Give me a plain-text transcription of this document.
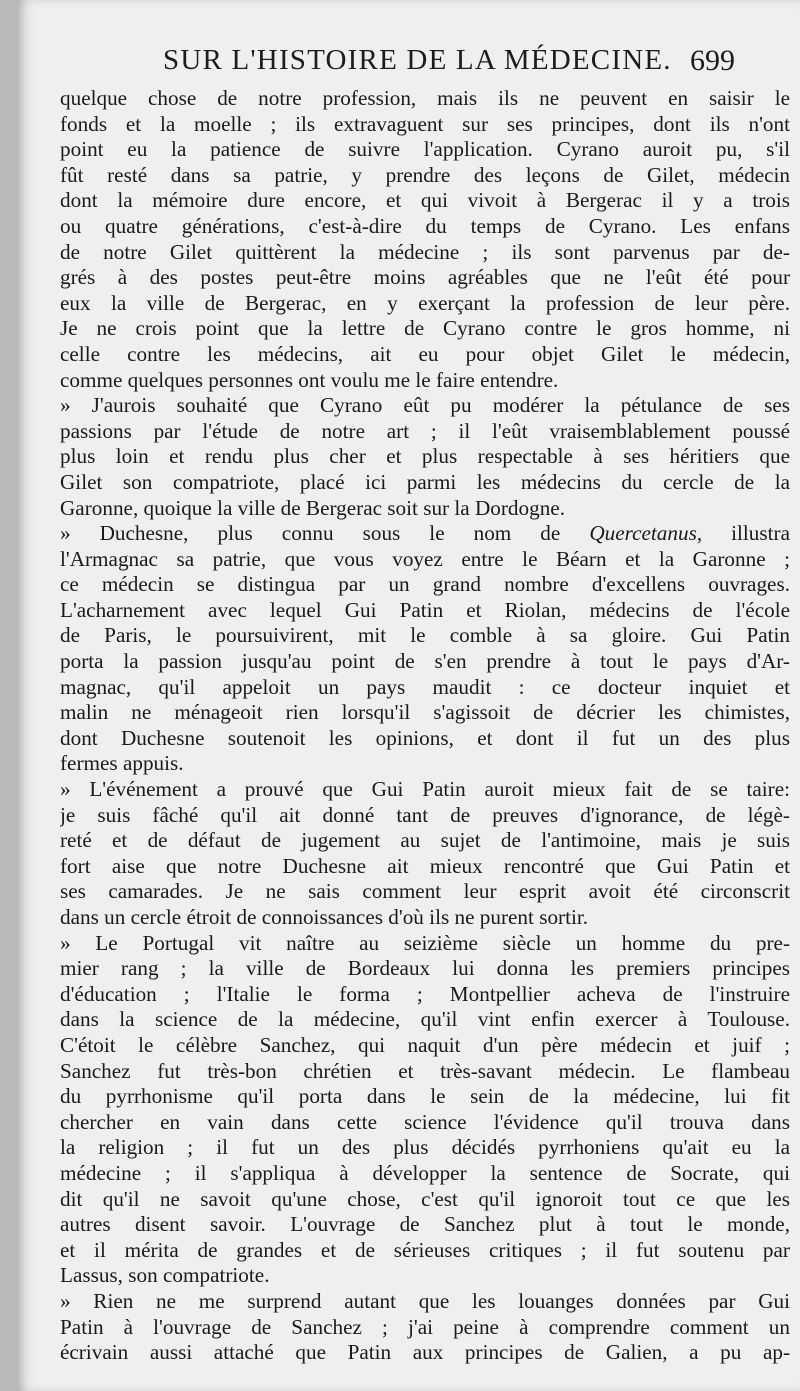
SUR L'HISTOIRE DE LA MÉDECINE. 699
quelque chose de notre profession, mais ils ne peuvent en saisir le
fonds et la moelle ; ils extravaguent sur ses principes, dont ils n'ont
point eu la patience de suivre l'application. Cyrano auroit pu, s'il
fût resté dans sa patrie, y prendre des leçons de Gilet, médecin
dont la mémoire dure encore, et qui vivoit à Bergerac il y a trois
ou quatre générations, c'est-à-dire du temps de Cyrano. Les enfans
de notre Gilet quittèrent la médecine ; ils sont parvenus par de-
grés à des postes peut-être moins agréables que ne l'eût été pour
eux la ville de Bergerac, en y exerçant la profession de leur père.
Je ne crois point que la lettre de Cyrano contre le gros homme, ni
celle contre les médecins, ait eu pour objet Gilet le médecin,
comme quelques personnes ont voulu me le faire entendre.
» J'aurois souhaité que Cyrano eût pu modérer la pétulance de ses
passions par l'étude de notre art ; il l'eût vraisemblablement poussé
plus loin et rendu plus cher et plus respectable à ses héritiers que
Gilet son compatriote, placé ici parmi les médecins du cercle de la
Garonne, quoique la ville de Bergerac soit sur la Dordogne.
» Duchesne, plus connu sous le nom de Quercetanus, illustra
l'Armagnac sa patrie, que vous voyez entre le Béarn et la Garonne ;
ce médecin se distingua par un grand nombre d'excellens ouvrages.
L'acharnement avec lequel Gui Patin et Riolan, médecins de l'école
de Paris, le poursuivirent, mit le comble à sa gloire. Gui Patin
porta la passion jusqu'au point de s'en prendre à tout le pays d'Ar-
magnac, qu'il appeloit un pays maudit : ce docteur inquiet et
malin ne ménageoit rien lorsqu'il s'agissoit de décrier les chimistes,
dont Duchesne soutenoit les opinions, et dont il fut un des plus
fermes appuis.
» L'événement a prouvé que Gui Patin auroit mieux fait de se taire:
je suis fâché qu'il ait donné tant de preuves d'ignorance, de légè-
reté et de défaut de jugement au sujet de l'antimoine, mais je suis
fort aise que notre Duchesne ait mieux rencontré que Gui Patin et
ses camarades. Je ne sais comment leur esprit avoit été circonscrit
dans un cercle étroit de connoissances d'où ils ne purent sortir.
» Le Portugal vit naître au seizième siècle un homme du pre-
mier rang ; la ville de Bordeaux lui donna les premiers principes
d'éducation ; l'Italie le forma ; Montpellier acheva de l'instruire
dans la science de la médecine, qu'il vint enfin exercer à Toulouse.
C'étoit le célèbre Sanchez, qui naquit d'un père médecin et juif ;
Sanchez fut très-bon chrétien et très-savant médecin. Le flambeau
du pyrrhonisme qu'il porta dans le sein de la médecine, lui fit
chercher en vain dans cette science l'évidence qu'il trouva dans
la religion ; il fut un des plus décidés pyrrhoniens qu'ait eu la
médecine ; il s'appliqua à développer la sentence de Socrate, qui
dit qu'il ne savoit qu'une chose, c'est qu'il ignoroit tout ce que les
autres disent savoir. L'ouvrage de Sanchez plut à tout le monde,
et il mérita de grandes et de sérieuses critiques ; il fut soutenu par
Lassus, son compatriote.
» Rien ne me surprend autant que les louanges données par Gui
Patin à l'ouvrage de Sanchez ; j'ai peine à comprendre comment un
écrivain aussi attaché que Patin aux principes de Galien, a pu ap-
